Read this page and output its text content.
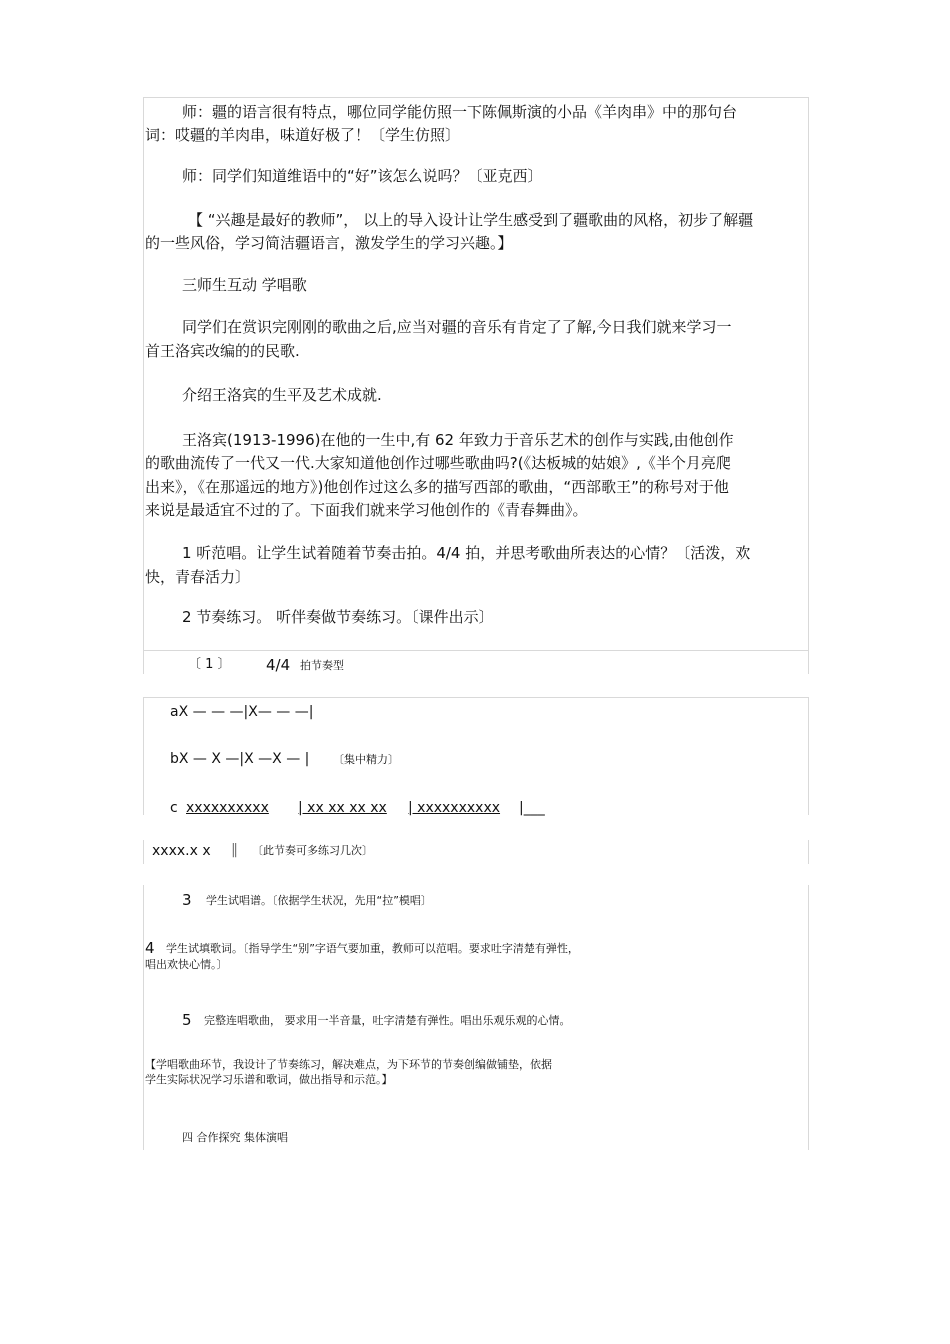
师：疆的语言很有特点，哪位同学能仿照一下陈佩斯演的小品《羊肉串》中的那句台
词：哎疆的羊肉串，味道好极了！〔学生仿照〕
师：同学们知道维语中的“好”该怎么说吗？〔亚克西〕
【 “兴趣是最好的教师”， 以上的导入设计让学生感受到了疆歌曲的风格，初步了解疆
的一些风俗，学习简洁疆语言，激发学生的学习兴趣。】
三师生互动 学唱歌
同学们在赏识完刚刚的歌曲之后,应当对疆的音乐有肯定了了解,今日我们就来学习一
首王洛宾改编的的民歌.
介绍王洛宾的生平及艺术成就.
王洛宾(1913-1996)在他的一生中,有 62 年致力于音乐艺术的创作与实践,由他创作
的歌曲流传了一代又一代.大家知道他创作过哪些歌曲吗?(《达板城的姑娘》,《半个月亮爬
出来》，《在那遥远的地方》)他创作过这么多的描写西部的歌曲，“西部歌王”的称号对于他
来说是最适宜不过的了。下面我们就来学习他创作的《青春舞曲》。
1 听范唱。让学生试着随着节奏击拍。4/4 拍，并思考歌曲所表达的心情？〔活泼，欢
快，青春活力〕
2 节奏练习。 听伴奏做节奏练习。〔课件出示〕
〔 1 〕 4/4 拍节奏型
aX — — —|X— — —|
bX — X —|X —X — | 〔集中精力〕
c xxxxxxxxxx | xx xx xx xx | xxxxxxxxxx |___
xxxx.x x ‖ 〔此节奏可多练习几次〕
3 学生试唱谱。〔依据学生状况，先用“拉”模唱〕
4 学生试填歌词。〔指导学生“别”字语气要加重，教师可以范唱。要求吐字清楚有弹性，
唱出欢快心情。〕
5 完整连唱歌曲， 要求用一半音量，吐字清楚有弹性。唱出乐观乐观的心情。
【学唱歌曲环节，我设计了节奏练习，解决难点，为下环节的节奏创编做铺垫，依据
学生实际状况学习乐谱和歌词，做出指导和示范。】
四 合作探究 集体演唱
